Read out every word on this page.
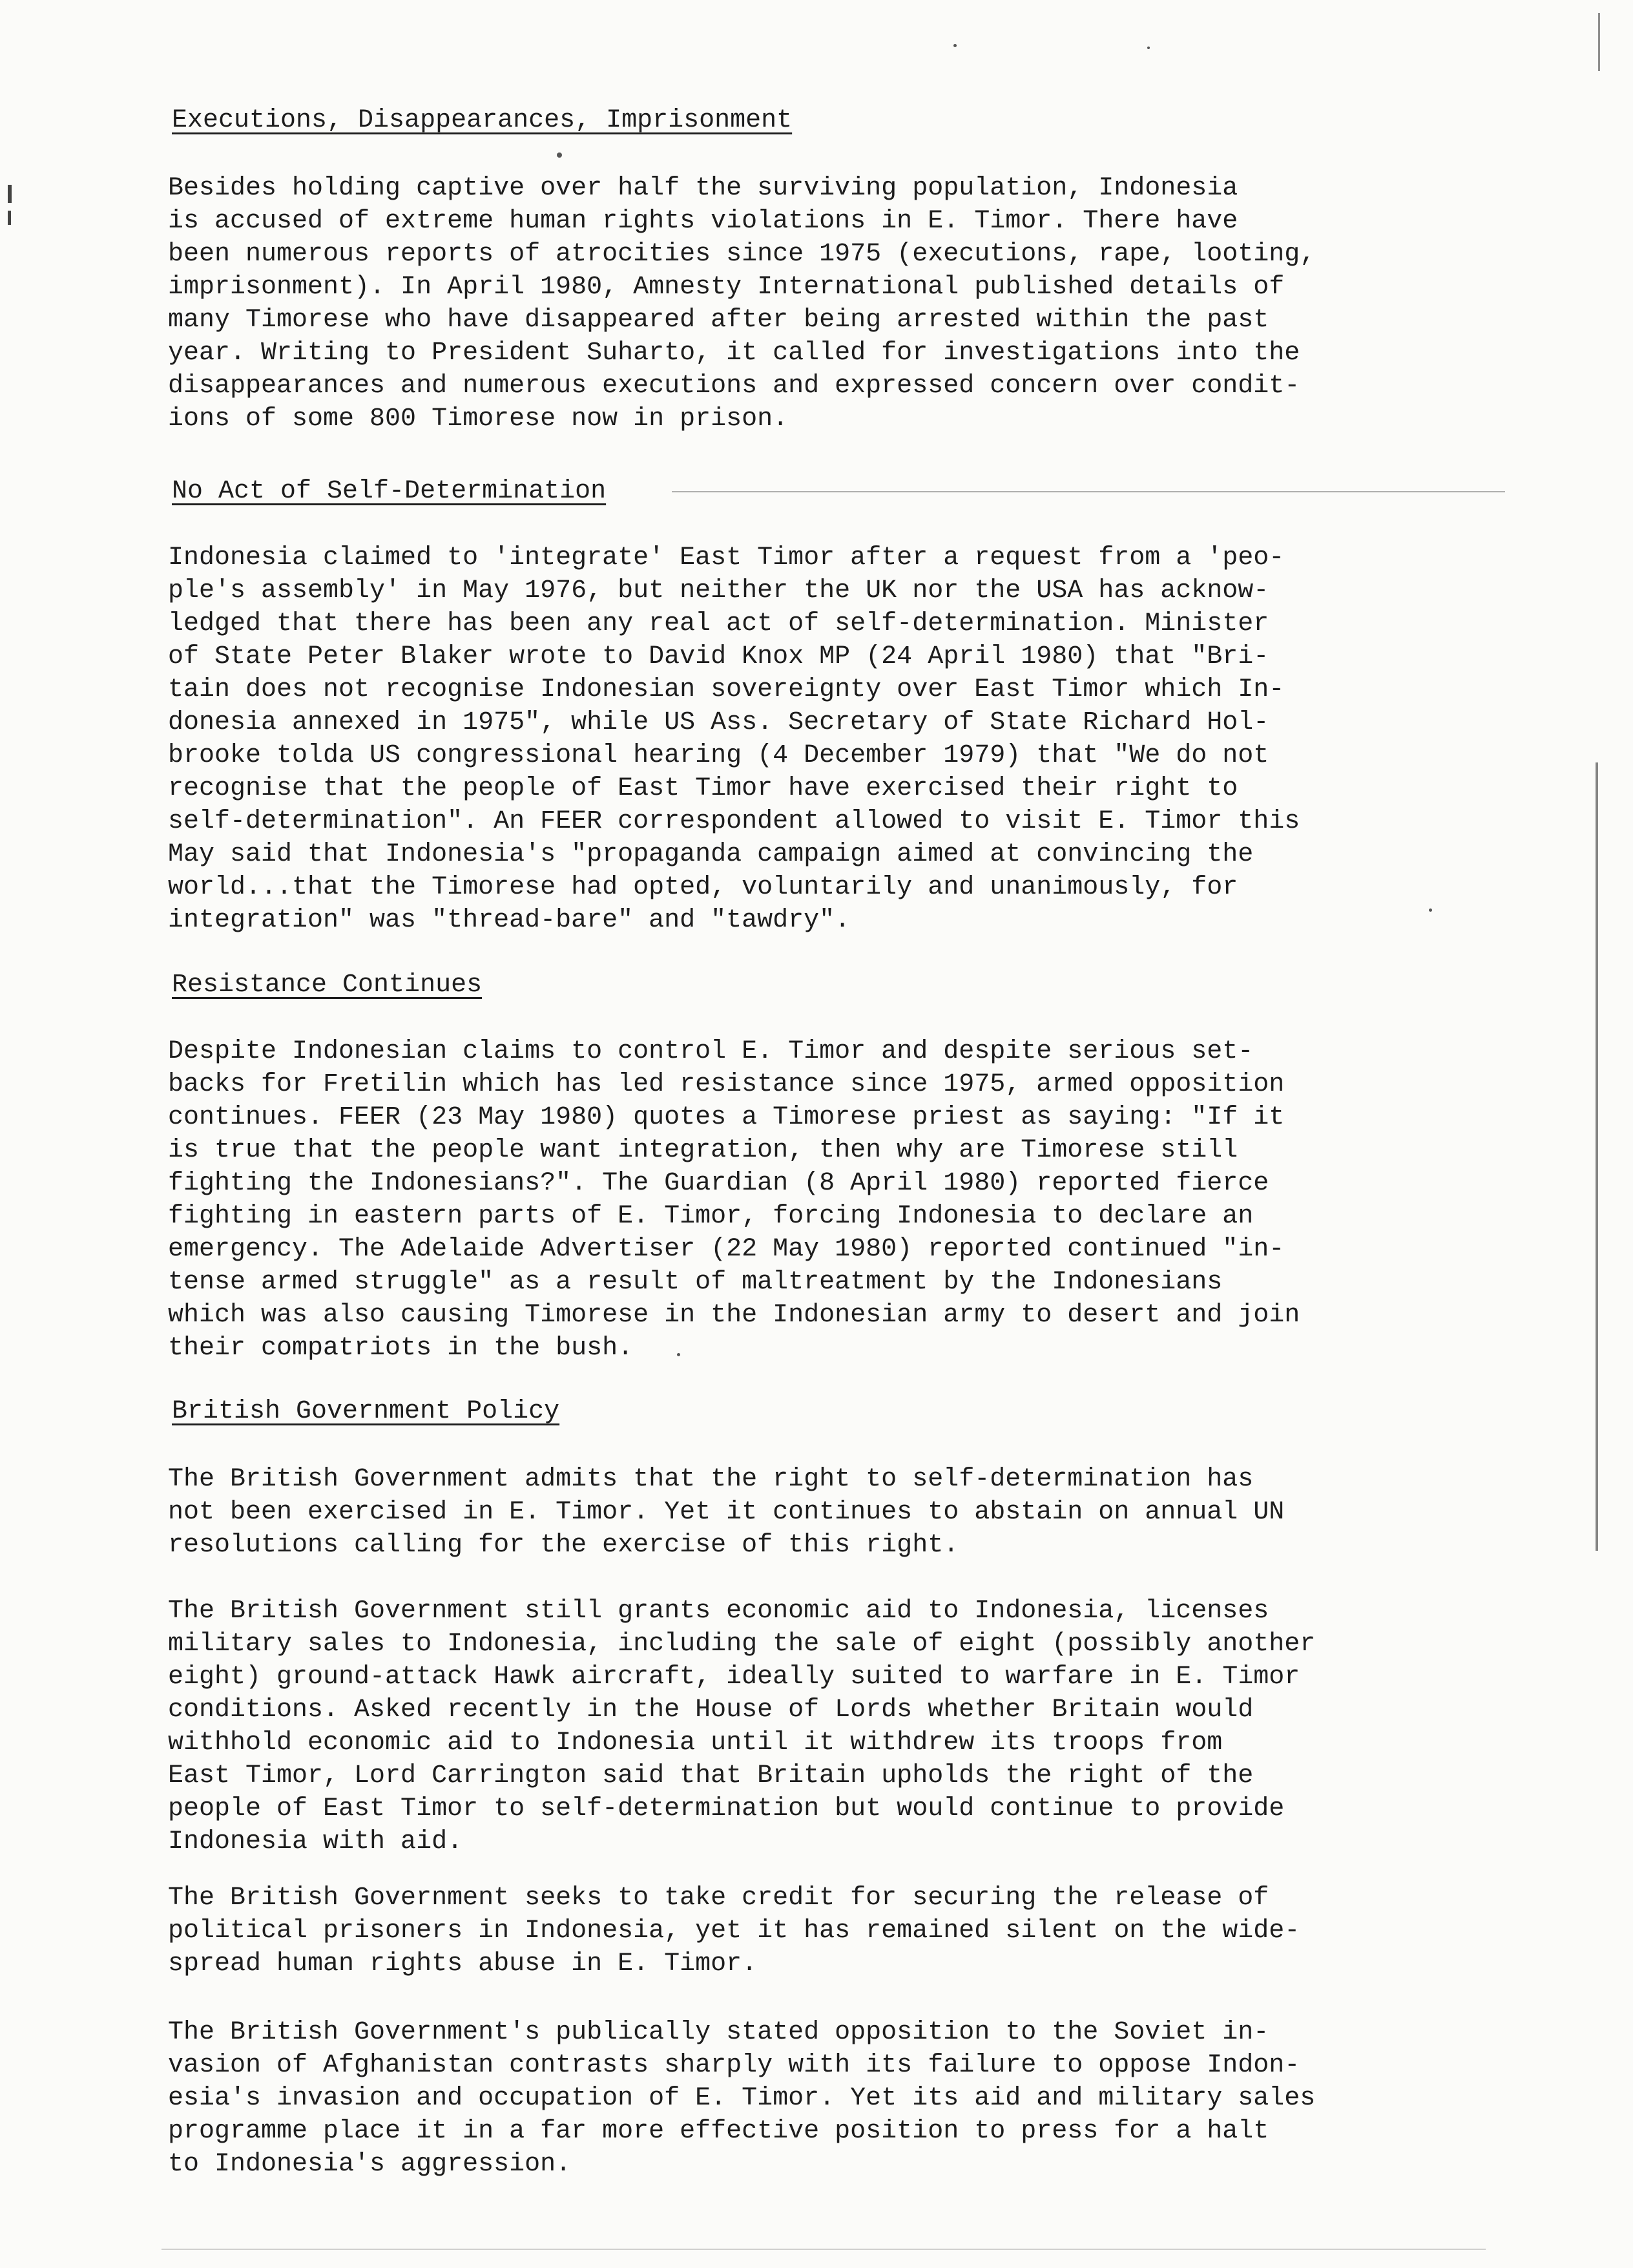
Executions, Disappearances, Imprisonment
Besides holding captive over half the surviving population, Indonesia
is accused of extreme human rights violations in E. Timor. There have
been numerous reports of atrocities since 1975 (executions, rape, looting,
imprisonment). In April 1980, Amnesty International published details of
many Timorese who have disappeared after being arrested within the past
year. Writing to President Suharto, it called for investigations into the
disappearances and numerous executions and expressed concern over condit-
ions of some 800 Timorese now in prison.
No Act of Self-Determination
Indonesia claimed to 'integrate' East Timor after a request from a 'peo-
ple's assembly' in May 1976, but neither the UK nor the USA has acknow-
ledged that there has been any real act of self-determination. Minister
of State Peter Blaker wrote to David Knox MP (24 April 1980) that "Bri-
tain does not recognise Indonesian sovereignty over East Timor which In-
donesia annexed in 1975", while US Ass. Secretary of State Richard Hol-
brooke tolda US congressional hearing (4 December 1979) that "We do not
recognise that the people of East Timor have exercised their right to
self-determination". An FEER correspondent allowed to visit E. Timor this
May said that Indonesia's "propaganda campaign aimed at convincing the
world...that the Timorese had opted, voluntarily and unanimously, for
integration" was "thread-bare" and "tawdry".
Resistance Continues
Despite Indonesian claims to control E. Timor and despite serious set-
backs for Fretilin which has led resistance since 1975, armed opposition
continues. FEER (23 May 1980) quotes a Timorese priest as saying: "If it
is true that the people want integration, then why are Timorese still
fighting the Indonesians?". The Guardian (8 April 1980) reported fierce
fighting in eastern parts of E. Timor, forcing Indonesia to declare an
emergency. The Adelaide Advertiser (22 May 1980) reported continued "in-
tense armed struggle" as a result of maltreatment by the Indonesians
which was also causing Timorese in the Indonesian army to desert and join
their compatriots in the bush.
British Government Policy
The British Government admits that the right to self-determination has
not been exercised in E. Timor. Yet it continues to abstain on annual UN
resolutions calling for the exercise of this right.
The British Government still grants economic aid to Indonesia, licenses
military sales to Indonesia, including the sale of eight (possibly another
eight) ground-attack Hawk aircraft, ideally suited to warfare in E. Timor
conditions. Asked recently in the House of Lords whether Britain would
withhold economic aid to Indonesia until it withdrew its troops from
East Timor, Lord Carrington said that Britain upholds the right of the
people of East Timor to self-determination but would continue to provide
Indonesia with aid.
The British Government seeks to take credit for securing the release of
political prisoners in Indonesia, yet it has remained silent on the wide-
spread human rights abuse in E. Timor.
The British Government's publically stated opposition to the Soviet in-
vasion of Afghanistan contrasts sharply with its failure to oppose Indon-
esia's invasion and occupation of E. Timor. Yet its aid and military sales
programme place it in a far more effective position to press for a halt
to Indonesia's aggression.
